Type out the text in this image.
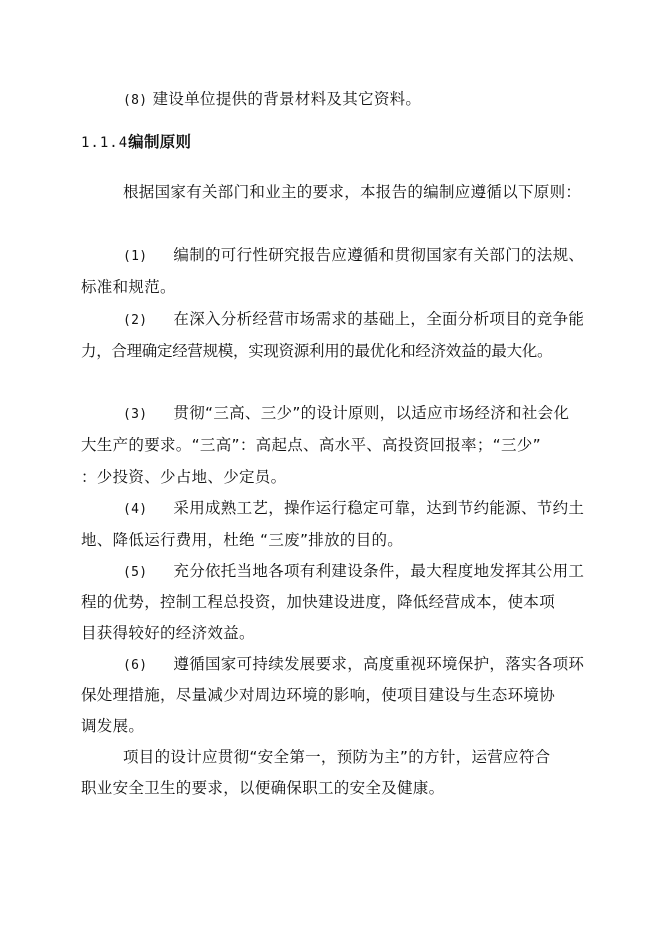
(8) 建设单位提供的背景材料及其它资料。
1.1.4编制原则
根据国家有关部门和业主的要求，本报告的编制应遵循以下原则：
(1) 编制的可行性研究报告应遵循和贯彻国家有关部门的法规、
标准和规范。
(2) 在深入分析经营市场需求的基础上，全面分析项目的竞争能
力，合理确定经营规模，实现资源利用的最优化和经济效益的最大化。
(3) 贯彻“三高、三少”的设计原则，以适应市场经济和社会化
大生产的要求。“三高”：高起点、高水平、高投资回报率；“三少”
：少投资、少占地、少定员。
(4) 采用成熟工艺，操作运行稳定可靠，达到节约能源、节约土
地、降低运行费用，杜绝 “三废”排放的目的。
(5) 充分依托当地各项有利建设条件，最大程度地发挥其公用工
程的优势，控制工程总投资，加快建设进度，降低经营成本，使本项
目获得较好的经济效益。
(6) 遵循国家可持续发展要求，高度重视环境保护，落实各项环
保处理措施，尽量减少对周边环境的影响，使项目建设与生态环境协
调发展。
项目的设计应贯彻“安全第一，预防为主”的方针，运营应符合
职业安全卫生的要求，以便确保职工的安全及健康。
